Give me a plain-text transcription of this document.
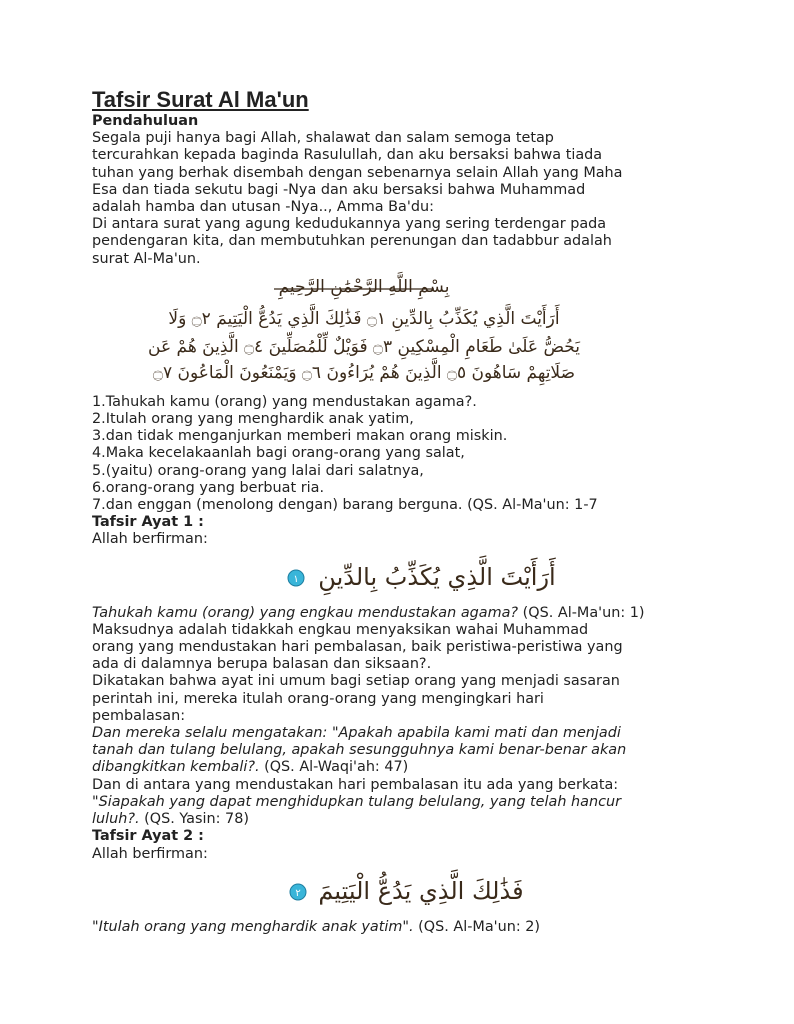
Tafsir Surat Al Ma'un

Pendahuluan

Segala puji hanya bagi Allah, shalawat dan salam semoga tetap

tercurahkan kepada baginda Rasulullah, dan aku bersaksi bahwa tiada

tuhan yang berhak disembah dengan sebenarnya selain Allah yang Maha

Esa dan tiada sekutu bagi -Nya dan aku bersaksi bahwa Muhammad

adalah hamba dan utusan -Nya.., Amma Ba'du:

Di antara surat yang agung kedudukannya yang sering terdengar pada

pendengaran kita, dan membutuhkan perenungan dan tadabbur adalah

surat Al-Ma'un.

بِسْمِ اللَّهِ الرَّحْمَٰنِ الرَّحِيمِ
أَرَأَيْتَ الَّذِي يُكَذِّبُ بِالدِّينِ ۝١ فَذَٰلِكَ الَّذِي يَدُعُّ الْيَتِيمَ ۝٢ وَلَا
يَحُضُّ عَلَىٰ طَعَامِ الْمِسْكِينِ ۝٣ فَوَيْلٌ لِّلْمُصَلِّينَ ۝٤ الَّذِينَ هُمْ عَن
صَلَاتِهِمْ سَاهُونَ ۝٥ الَّذِينَ هُمْ يُرَاءُونَ ۝٦ وَيَمْنَعُونَ الْمَاعُونَ ۝٧

1.Tahukah kamu (orang) yang mendustakan agama?.

2.Itulah orang yang menghardik anak yatim,

3.dan tidak menganjurkan memberi makan orang miskin.

4.Maka kecelakaanlah bagi orang-orang yang salat,

5.(yaitu) orang-orang yang lalai dari salatnya,

6.orang-orang yang berbuat ria.

7.dan enggan (menolong dengan) barang berguna. (QS. Al-Ma'un: 1-7

Tafsir Ayat 1 :

Allah berfirman:

١ أَرَأَيْتَ الَّذِي يُكَذِّبُ بِالدِّينِ

Tahukah kamu (orang) yang engkau mendustakan agama? (QS. Al-Ma'un: 1)

Maksudnya adalah tidakkah engkau menyaksikan wahai Muhammad

orang yang mendustakan hari pembalasan, baik peristiwa-peristiwa yang

ada di dalamnya berupa balasan dan siksaan?.

Dikatakan bahwa ayat ini umum bagi setiap orang yang menjadi sasaran

perintah ini, mereka itulah orang-orang yang mengingkari hari

pembalasan:

Dan mereka selalu mengatakan: "Apakah apabila kami mati dan menjadi

tanah dan tulang belulang, apakah sesungguhnya kami benar-benar akan

dibangkitkan kembali?. (QS. Al-Waqi'ah: 47)

Dan di antara yang mendustakan hari pembalasan itu ada yang berkata:

"Siapakah yang dapat menghidupkan tulang belulang, yang telah hancur

luluh?. (QS. Yasin: 78)

Tafsir Ayat 2 :

Allah berfirman:

٢ فَذَٰلِكَ الَّذِي يَدُعُّ الْيَتِيمَ

"Itulah orang yang menghardik anak yatim". (QS. Al-Ma'un: 2)
